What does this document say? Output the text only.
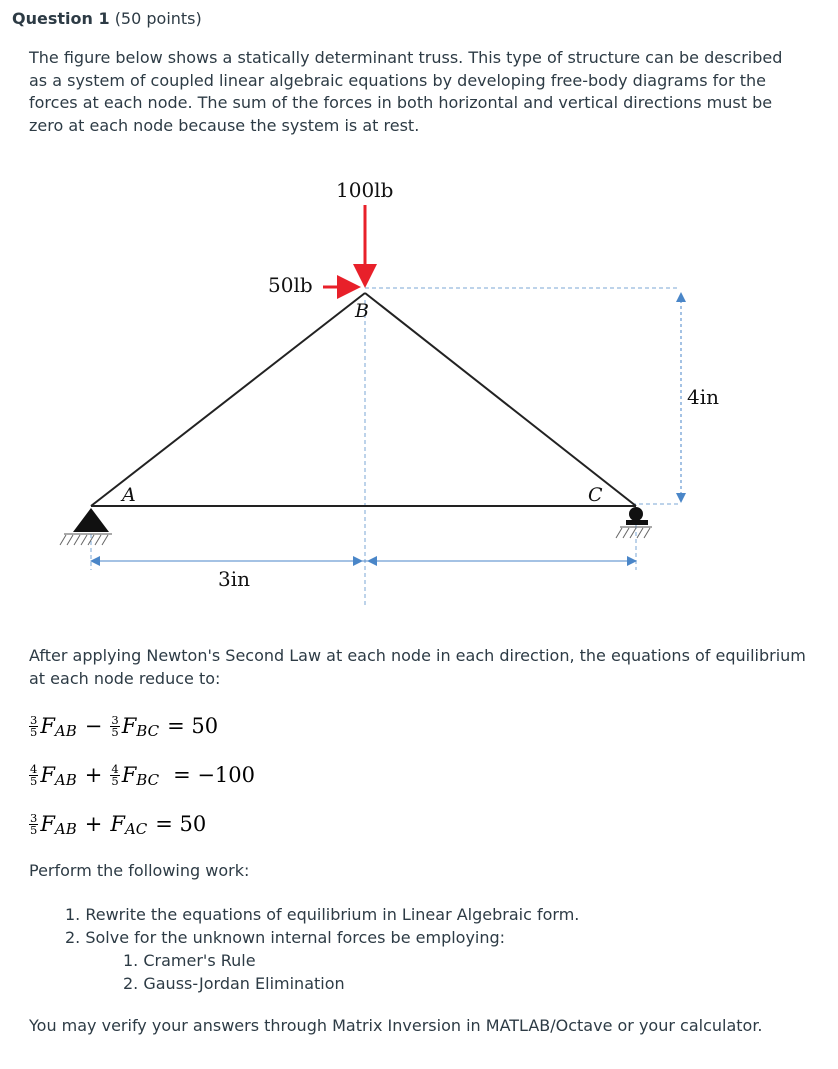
Question 1 (50 points)
The figure below shows a statically determinant truss. This type of structure can be described as a system of coupled linear algebraic equations by developing free-body diagrams for the forces at each node. The sum of the forces in both horizontal and vertical directions must be zero at each node because the system is at rest.
100lb
50lb
A
B
C
4in
3in
After applying Newton's Second Law at each node in each direction, the equations of equilibrium at each node reduce to:
$\frac{3}{5}$ F AB − $\frac{3}{5}$ F BC = 50
$\frac{4}{5}$ F AB + $\frac{4}{5}$ F BC = −100
$\frac{3}{5}$ F AB + F AC = 50
Perform the following work:
1. Rewrite the equations of equilibrium in Linear Algebraic form.
2. Solve for the unknown internal forces be employing:
1. Cramer's Rule
2. Gauss-Jordan Elimination
You may verify your answers through Matrix Inversion in MATLAB/Octave or your calculator.
